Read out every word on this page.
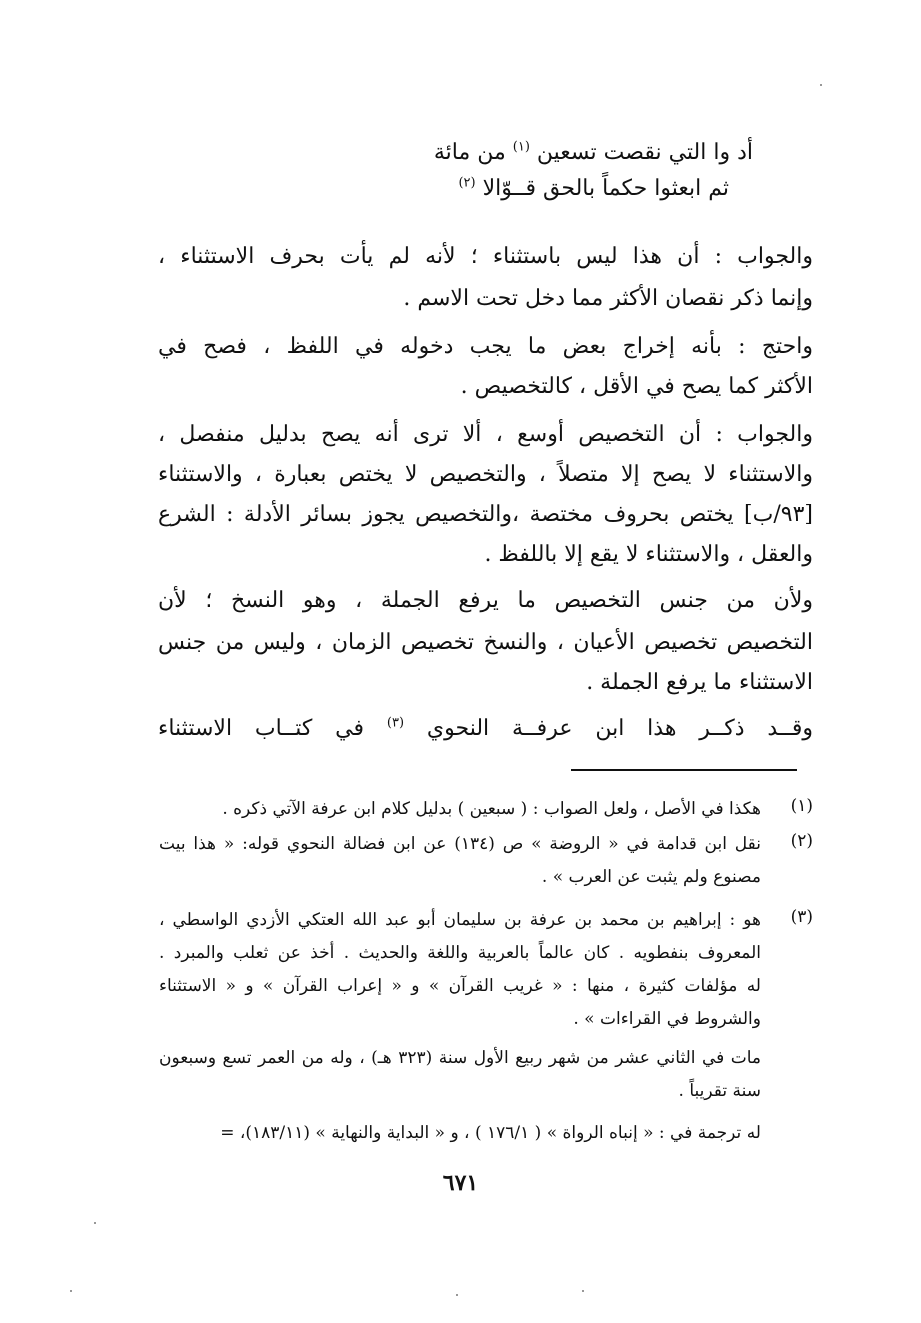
أد وا التي نقصت تسعين $^{(١)}$ من مائة
ثم ابعثوا حكماً بالحق قــوّالا $^{(٢)}$
والجواب : أن هذا ليس باستثناء ؛ لأنه لم يأت بحرف الاستثناء ،
وإنما ذكر نقصان الأكثر مما دخل تحت الاسم .
واحتج : بأنه إخراج بعض ما يجب دخوله في اللفظ ، فصح في
الأكثر كما يصح في الأقل ، كالتخصيص .
والجواب : أن التخصيص أوسع ، ألا ترى أنه يصح بدليل منفصل ،
والاستثناء لا يصح إلا متصلاً ، والتخصيص لا يختص بعبارة ، والاستثناء
[٩٣/ب] يختص بحروف مختصة ،والتخصيص يجوز بسائر الأدلة : الشرع
والعقل ، والاستثناء لا يقع إلا باللفظ .
ولأن من جنس التخصيص ما يرفع الجملة ، وهو النسخ ؛ لأن
التخصيص تخصيص الأعيان ، والنسخ تخصيص الزمان ، وليس من جنس
الاستثناء ما يرفع الجملة .
وقــد ذكــر هذا ابن عرفــة النحوي $^{(٣)}$ في كتــاب الاستثناء
(١)
هكذا في الأصل ، ولعل الصواب : ( سبعين ) بدليل كلام ابن عرفة الآتي ذكره .
(٢)
نقل ابن قدامة في « الروضة » ص (١٣٤) عن ابن فضالة النحوي قوله: « هذا بيت
مصنوع ولم يثبت عن العرب » .
(٣)
هو : إبراهيم بن محمد بن عرفة بن سليمان أبو عبد الله العتكي الأزدي الواسطي ،
المعروف بنفطويه . كان عالماً بالعربية واللغة والحديث . أخذ عن ثعلب والمبرد .
له مؤلفات كثيرة ، منها : « غريب القرآن » و « إعراب القرآن » و « الاستثناء
والشروط في القراءات » .
مات في الثاني عشر من شهر ربيع الأول سنة (٣٢٣ هـ) ، وله من العمر تسع وسبعون
سنة تقريباً .
له ترجمة في : « إنباه الرواة » ( ١٧٦/١ ) ، و « البداية والنهاية » (١٨٣/١١)، =
٦٧١
